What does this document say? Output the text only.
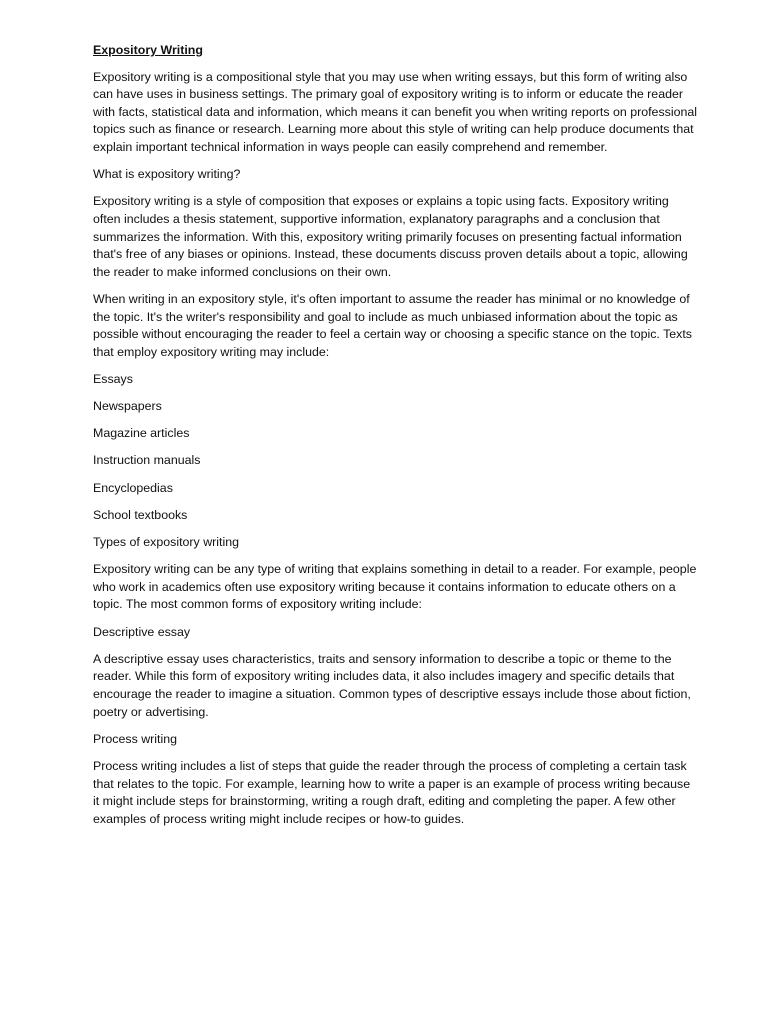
Expository Writing

Expository writing is a compositional style that you may use when writing essays, but this form of writing also can have uses in business settings. The primary goal of expository writing is to inform or educate the reader with facts, statistical data and information, which means it can benefit you when writing reports on professional topics such as finance or research. Learning more about this style of writing can help produce documents that explain important technical information in ways people can easily comprehend and remember.

What is expository writing?

Expository writing is a style of composition that exposes or explains a topic using facts. Expository writing often includes a thesis statement, supportive information, explanatory paragraphs and a conclusion that summarizes the information. With this, expository writing primarily focuses on presenting factual information that's free of any biases or opinions. Instead, these documents discuss proven details about a topic, allowing the reader to make informed conclusions on their own.

When writing in an expository style, it's often important to assume the reader has minimal or no knowledge of the topic. It's the writer's responsibility and goal to include as much unbiased information about the topic as possible without encouraging the reader to feel a certain way or choosing a specific stance on the topic. Texts that employ expository writing may include:

Essays

Newspapers

Magazine articles

Instruction manuals

Encyclopedias

School textbooks

Types of expository writing

Expository writing can be any type of writing that explains something in detail to a reader. For example, people who work in academics often use expository writing because it contains information to educate others on a topic. The most common forms of expository writing include:

Descriptive essay

A descriptive essay uses characteristics, traits and sensory information to describe a topic or theme to the reader. While this form of expository writing includes data, it also includes imagery and specific details that encourage the reader to imagine a situation. Common types of descriptive essays include those about fiction, poetry or advertising.

Process writing

Process writing includes a list of steps that guide the reader through the process of completing a certain task that relates to the topic. For example, learning how to write a paper is an example of process writing because it might include steps for brainstorming, writing a rough draft, editing and completing the paper. A few other examples of process writing might include recipes or how-to guides.
